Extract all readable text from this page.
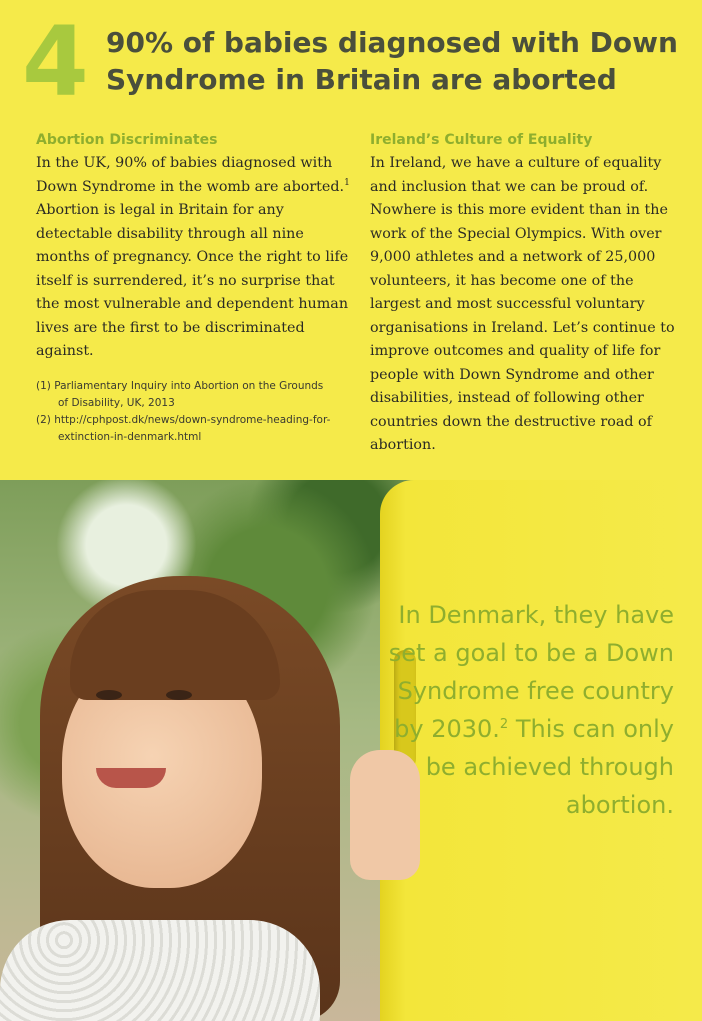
4 90% of babies diagnosed with Down Syndrome in Britain are aborted
Abortion Discriminates

In the UK, 90% of babies diagnosed with Down Syndrome in the womb are aborted.$^1$ Abortion is legal in Britain for any detectable disability through all nine months of pregnancy. Once the right to life itself is surrendered, it’s no surprise that the most vulnerable and dependent human lives are the first to be discriminated against.

(1) Parliamentary Inquiry into Abortion on the Grounds of Disability, UK, 2013
(2) http://cphpost.dk/news/down-syndrome-heading-for-extinction-in-denmark.html
Ireland’s Culture of Equality

In Ireland, we have a culture of equality and inclusion that we can be proud of. Nowhere is this more evident than in the work of the Special Olympics. With over 9,000 athletes and a network of 25,000 volunteers, it has become one of the largest and most successful voluntary organisations in Ireland. Let’s continue to improve outcomes and quality of life for people with Down Syndrome and other disabilities, instead of following other countries down the destructive road of abortion.

In Denmark, they have set a goal to be a Down Syndrome free country by 2030.$^2$ This can only be achieved through abortion.
